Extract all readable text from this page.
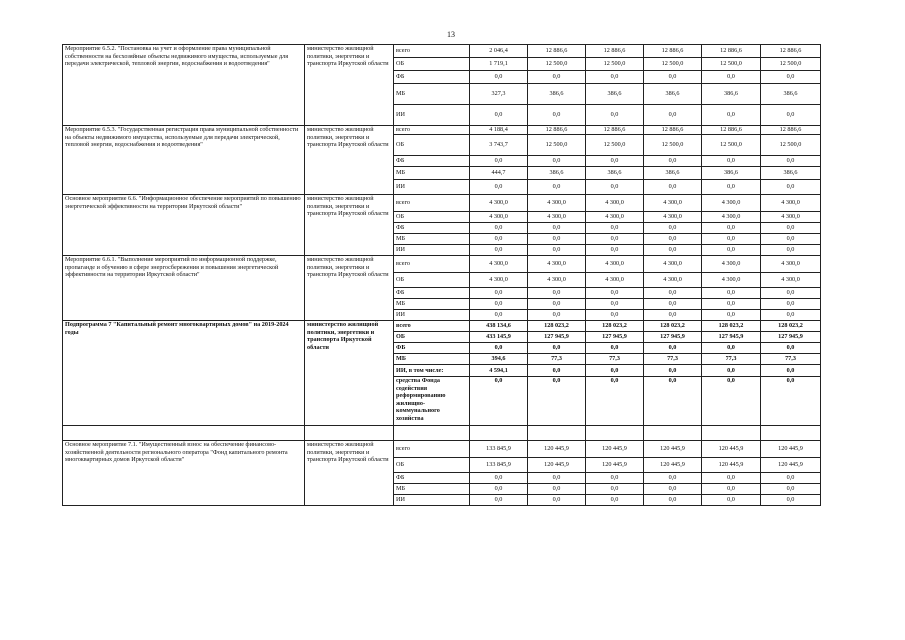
13
Мероприятие 6.5.2. "Постановка на учет и оформление права муниципальной собственности на бесхозяйные объекты недвижимого имущества, используемые для передачи электрической, тепловой энергии, водоснабжения и водоотведения"	министерство жилищной политики, энергетики и транспорта Иркутской области	всего	2 046,4	12 886,6	12 886,6	12 886,6	12 886,6	12 886,6
		ОБ	1 719,1	12 500,0	12 500,0	12 500,0	12 500,0	12 500,0
		ФБ	0,0	0,0	0,0	0,0	0,0	0,0
		МБ	327,3	386,6	386,6	386,6	386,6	386,6
		ИИ	0,0	0,0	0,0	0,0	0,0	0,0
Мероприятие 6.5.3. "Государственная регистрация права муниципальной собственности на объекты недвижимого имущества, используемые для передачи электрической, тепловой энергии, водоснабжения и водоотведения"	министерство жилищной политики, энергетики и транспорта Иркутской области	всего	4 188,4	12 886,6	12 886,6	12 886,6	12 886,6	12 886,6
		ОБ	3 743,7	12 500,0	12 500,0	12 500,0	12 500,0	12 500,0
		ФБ	0,0	0,0	0,0	0,0	0,0	0,0
		МБ	444,7	386,6	386,6	386,6	386,6	386,6
		ИИ	0,0	0,0	0,0	0,0	0,0	0,0
Основное мероприятие 6.6. "Информационное обеспечение мероприятий по повышению энергетической эффективности на территории Иркутской области"	министерство жилищной политики, энергетики и транспорта Иркутской области	всего	4 300,0	4 300,0	4 300,0	4 300,0	4 300,0	4 300,0
		ОБ	4 300,0	4 300,0	4 300,0	4 300,0	4 300,0	4 300,0
		ФБ	0,0	0,0	0,0	0,0	0,0	0,0
		МБ	0,0	0,0	0,0	0,0	0,0	0,0
		ИИ	0,0	0,0	0,0	0,0	0,0	0,0
Мероприятие 6.6.1. "Выполнение мероприятий по информационной поддержке, пропаганде и обучению в сфере энергосбережения и повышения энергетической эффективности на территории Иркутской области"	министерство жилищной политики, энергетики и транспорта Иркутской области	всего	4 300,0	4 300,0	4 300,0	4 300,0	4 300,0	4 300,0
		ОБ	4 300,0	4 300,0	4 300,0	4 300,0	4 300,0	4 300,0
		ФБ	0,0	0,0	0,0	0,0	0,0	0,0
		МБ	0,0	0,0	0,0	0,0	0,0	0,0
		ИИ	0,0	0,0	0,0	0,0	0,0	0,0
Подпрограмма 7 "Капитальный ремонт многоквартирных домов" на 2019-2024 годы	министерство жилищной политики, энергетики и транспорта Иркутской области	всего	438 134,6	128 023,2	128 023,2	128 023,2	128 023,2	128 023,2
		ОБ	433 145,9	127 945,9	127 945,9	127 945,9	127 945,9	127 945,9
		ФБ	0,0	0,0	0,0	0,0	0,0	0,0
		МБ	394,6	77,3	77,3	77,3	77,3	77,3
		ИИ, в том числе:	4 594,1	0,0	0,0	0,0	0,0	0,0
		средства Фонда содействия реформированию жилищно-коммунального хозяйства	0,0	0,0	0,0	0,0	0,0	0,0

Основное мероприятие 7.1. "Имущественный взнос на обеспечение финансово-хозяйственной деятельности регионального оператора "Фонд капитального ремонта многоквартирных домов Иркутской области"	министерство жилищной политики, энергетики и транспорта Иркутской области	всего	133 845,9	120 445,9	120 445,9	120 445,9	120 445,9	120 445,9
		ОБ	133 845,9	120 445,9	120 445,9	120 445,9	120 445,9	120 445,9
		ФБ	0,0	0,0	0,0	0,0	0,0	0,0
		МБ	0,0	0,0	0,0	0,0	0,0	0,0
		ИИ	0,0	0,0	0,0	0,0	0,0	0,0
